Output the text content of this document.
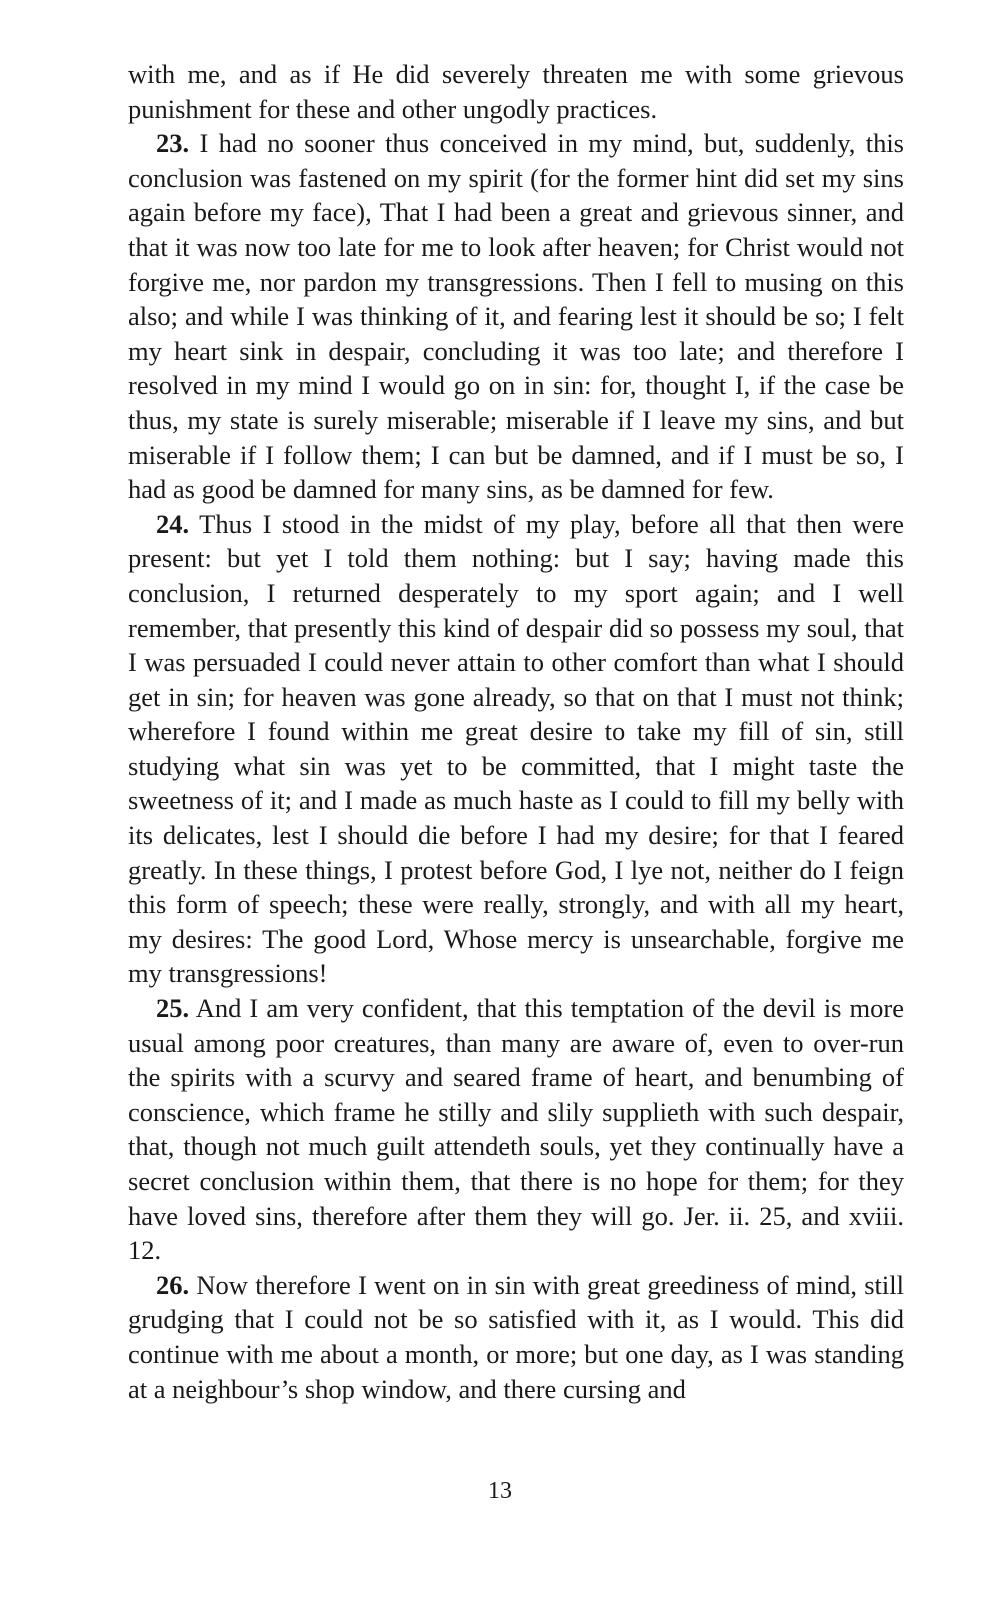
with me, and as if He did severely threaten me with some grievous punishment for these and other ungodly practices.

23. I had no sooner thus conceived in my mind, but, suddenly, this conclusion was fastened on my spirit (for the former hint did set my sins again before my face), That I had been a great and grievous sinner, and that it was now too late for me to look after heaven; for Christ would not forgive me, nor pardon my transgressions. Then I fell to musing on this also; and while I was thinking of it, and fearing lest it should be so; I felt my heart sink in despair, concluding it was too late; and therefore I resolved in my mind I would go on in sin: for, thought I, if the case be thus, my state is surely miserable; miserable if I leave my sins, and but miserable if I follow them; I can but be damned, and if I must be so, I had as good be damned for many sins, as be damned for few.

24. Thus I stood in the midst of my play, before all that then were present: but yet I told them nothing: but I say; having made this conclusion, I returned desperately to my sport again; and I well remember, that presently this kind of despair did so possess my soul, that I was persuaded I could never attain to other comfort than what I should get in sin; for heaven was gone already, so that on that I must not think; wherefore I found within me great desire to take my fill of sin, still studying what sin was yet to be committed, that I might taste the sweetness of it; and I made as much haste as I could to fill my belly with its delicates, lest I should die before I had my desire; for that I feared greatly. In these things, I protest before God, I lye not, neither do I feign this form of speech; these were really, strongly, and with all my heart, my desires: The good Lord, Whose mercy is unsearchable, forgive me my transgressions!

25. And I am very confident, that this temptation of the devil is more usual among poor creatures, than many are aware of, even to over-run the spirits with a scurvy and seared frame of heart, and benumbing of conscience, which frame he stilly and slily supplieth with such despair, that, though not much guilt attendeth souls, yet they continually have a secret conclusion within them, that there is no hope for them; for they have loved sins, therefore after them they will go. Jer. ii. 25, and xviii. 12.

26. Now therefore I went on in sin with great greediness of mind, still grudging that I could not be so satisfied with it, as I would. This did continue with me about a month, or more; but one day, as I was standing at a neighbour’s shop window, and there cursing and

13
